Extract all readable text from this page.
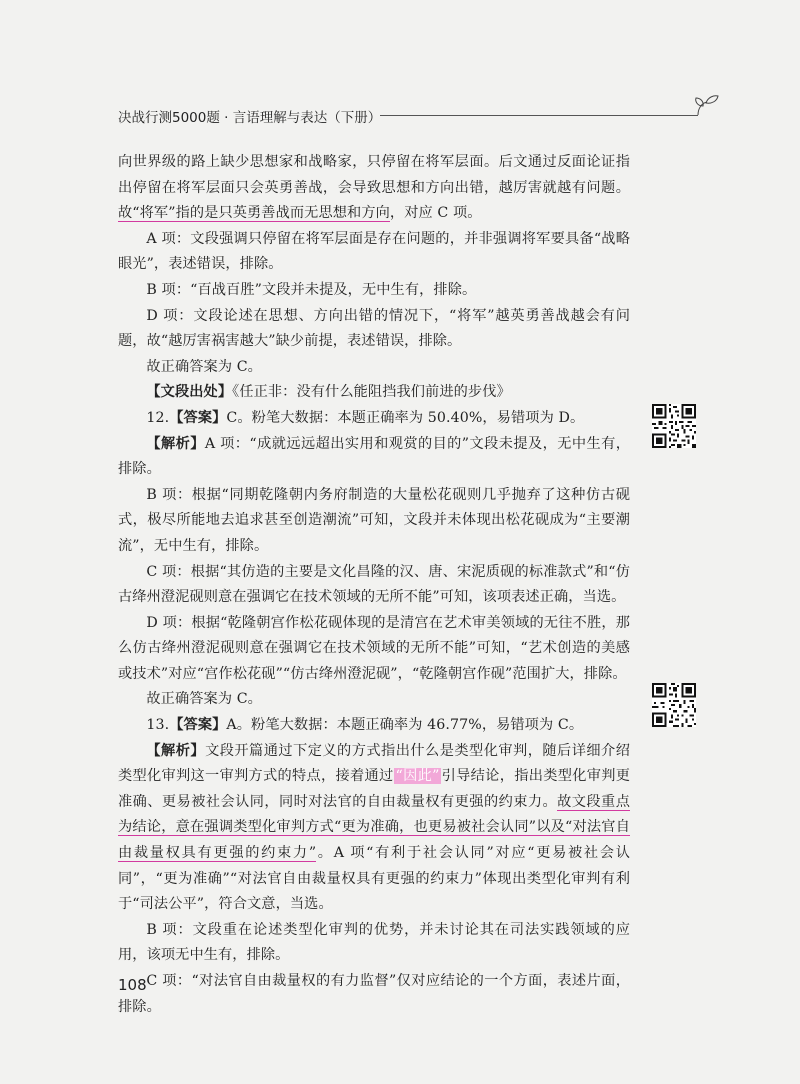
决战行测5000题 · 言语理解与表达（下册）

向世界级的路上缺少思想家和战略家，只停留在将军层面。后文通过反面论证指出停留在将军层面只会英勇善战，会导致思想和方向出错，越厉害就越有问题。故“将军”指的是只英勇善战而无思想和方向，对应 C 项。

A 项：文段强调只停留在将军层面是存在问题的，并非强调将军要具备“战略眼光”，表述错误，排除。

B 项：“百战百胜”文段并未提及，无中生有，排除。

D 项：文段论述在思想、方向出错的情况下，“将军”越英勇善战越会有问题，故“越厉害祸害越大”缺少前提，表述错误，排除。

故正确答案为 C。

【文段出处】《任正非：没有什么能阻挡我们前进的步伐》

12.【答案】C。粉笔大数据：本题正确率为 50.40%，易错项为 D。

【解析】A 项：“成就远远超出实用和观赏的目的”文段未提及，无中生有，排除。

B 项：根据“同期乾隆朝内务府制造的大量松花砚则几乎抛弃了这种仿古砚式，极尽所能地去追求甚至创造潮流”可知，文段并未体现出松花砚成为“主要潮流”，无中生有，排除。

C 项：根据“其仿造的主要是文化昌隆的汉、唐、宋泥质砚的标准款式”和“仿古绛州澄泥砚则意在强调它在技术领域的无所不能”可知，该项表述正确，当选。

D 项：根据“乾隆朝宫作松花砚体现的是清宫在艺术审美领域的无往不胜，那么仿古绛州澄泥砚则意在强调它在技术领域的无所不能”可知，“艺术创造的美感或技术”对应“宫作松花砚”“仿古绛州澄泥砚”，“乾隆朝宫作砚”范围扩大，排除。

故正确答案为 C。

13.【答案】A。粉笔大数据：本题正确率为 46.77%，易错项为 C。

【解析】文段开篇通过下定义的方式指出什么是类型化审判，随后详细介绍类型化审判这一审判方式的特点，接着通过 “因此” 引导结论，指出类型化审判更准确、更易被社会认同，同时对法官的自由裁量权有更强的约束力。故文段重点为结论，意在强调类型化审判方式“更为准确，也更易被社会认同”以及“对法官自由裁量权具有更强的约束力”。A 项“有利于社会认同”对应“更易被社会认同”，“更为准确”“对法官自由裁量权具有更强的约束力”体现出类型化审判有利于“司法公平”，符合文意，当选。

B 项：文段重在论述类型化审判的优势，并未讨论其在司法实践领域的应用，该项无中生有，排除。

C 项：“对法官自由裁量权的有力监督”仅对应结论的一个方面，表述片面，排除。

108
